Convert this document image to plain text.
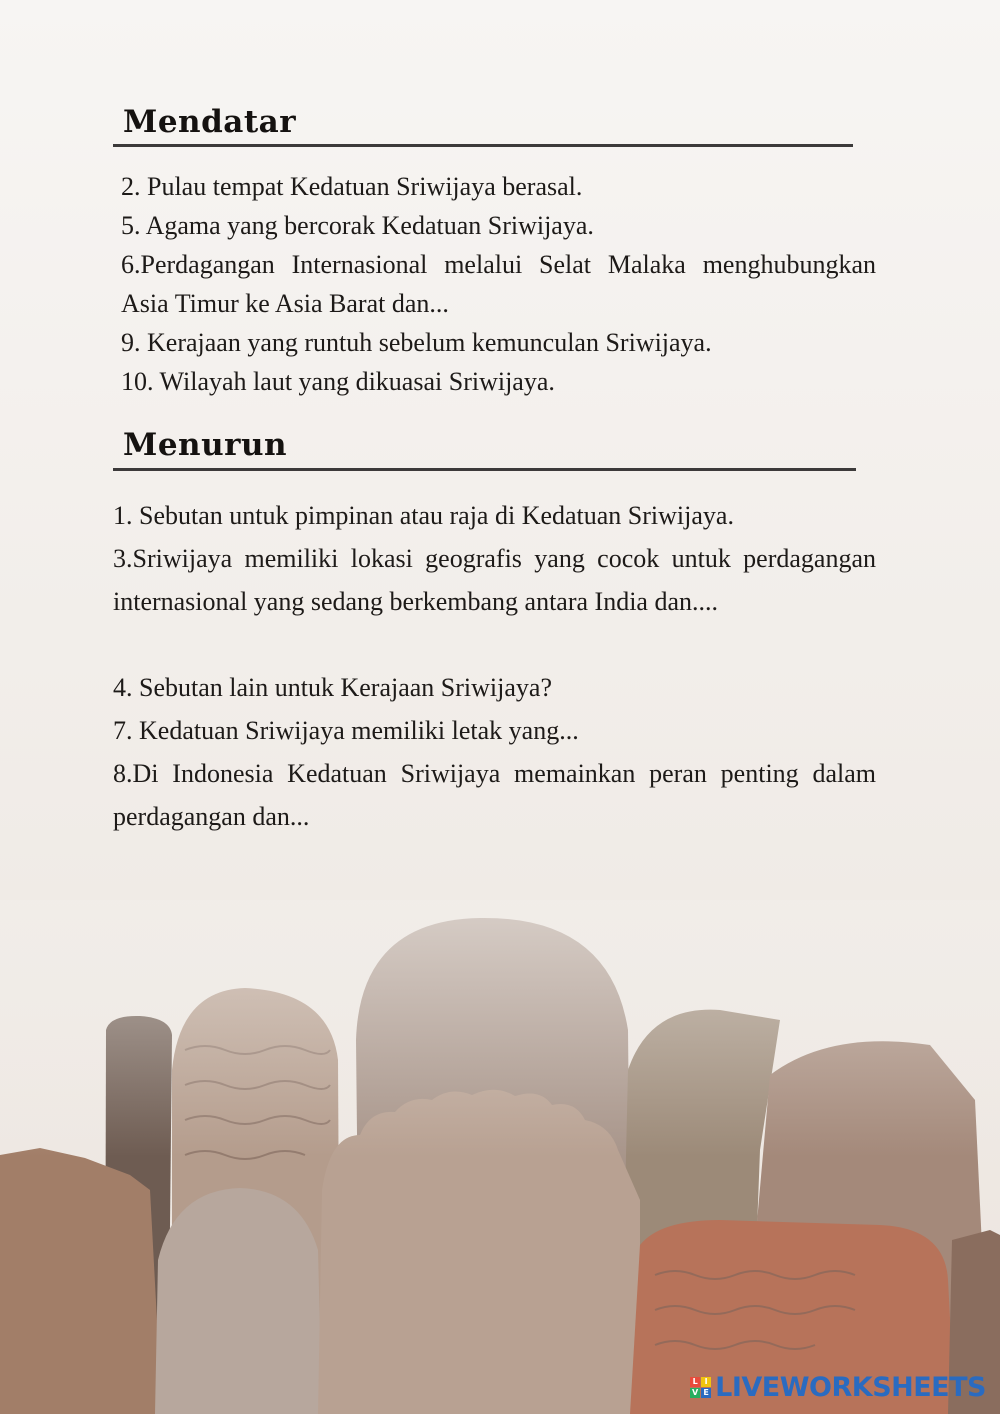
Mendatar

2. Pulau tempat Kedatuan Sriwijaya berasal.

5. Agama yang bercorak Kedatuan Sriwijaya.

6.Perdagangan Internasional melalui Selat Malaka menghubungkan Asia Timur ke Asia Barat dan...

9. Kerajaan yang runtuh sebelum kemunculan Sriwijaya.

10. Wilayah laut yang dikuasai Sriwijaya.

Menurun

1. Sebutan untuk pimpinan atau raja di Kedatuan Sriwijaya.

3.Sriwijaya memiliki lokasi geografis yang cocok untuk perdagangan internasional yang sedang berkembang antara India dan....

4. Sebutan lain untuk Kerajaan Sriwijaya?

7. Kedatuan Sriwijaya memiliki letak yang...

8.Di Indonesia Kedatuan Sriwijaya memainkan peran penting dalam perdagangan dan...

L I
V E LIVEWORKSHEETS
